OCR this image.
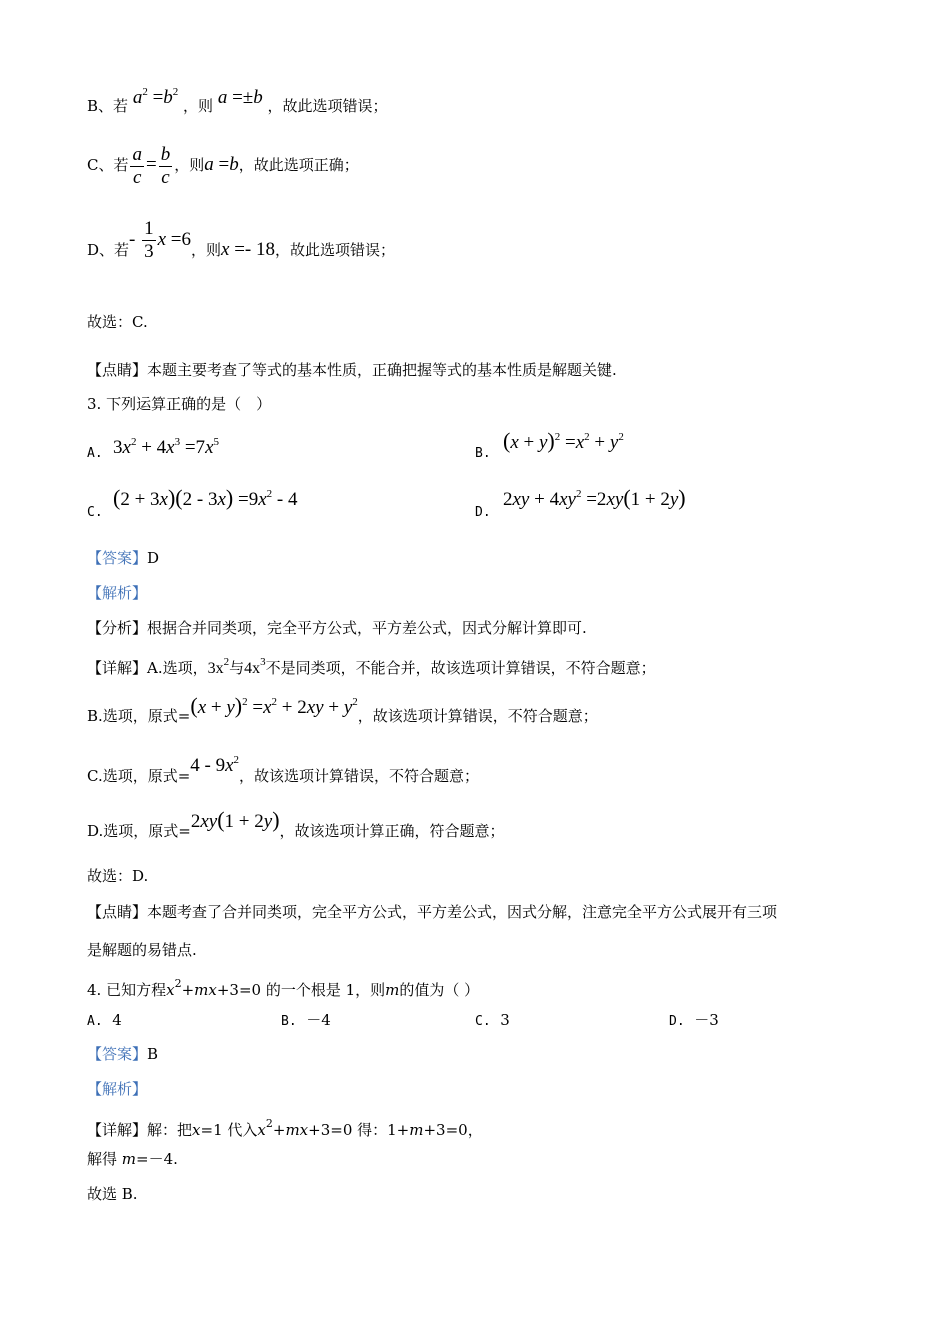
B、若 $a^2 =b^2$ ，则 a =±b ，故此选项错误；
C、若 $\frac{a}{c} = \frac{b}{c}$ ，则a =b，故此选项正确；
D、若- $\frac{1}{3}$ x =6，则x =- 18，故此选项错误；
故选：C.
【点睛】本题主要考查了等式的基本性质，正确把握等式的基本性质是解题关键.
3. 下列运算正确的是（　）
A. $3x^2 + 4x^3 =7x^5$
B.
$(x + y)^2 =x^2 + y^2$
C.
$(2 + 3x)(2 - 3x) =9x^2 - 4$
D.
$2xy + 4xy^2 =2xy(1 + 2y)$
【答案】D
【解析】
【分析】根据合并同类项，完全平方公式，平方差公式，因式分解计算即可.
【详解】A.选项，$3x^2$与$4x^3$不是同类项，不能合并，故该选项计算错误，不符合题意；
B.选项，原式$=(x + y)^2 =x^2 + 2xy + y^2$，故该选项计算错误，不符合题意；
C.选项，原式$=4 - 9x^2$，故该选项计算错误，不符合题意；
D.选项，原式=2xy(1 + 2y)，故该选项计算正确，符合题意；
故选：D.
【点睛】本题考查了合并同类项，完全平方公式，平方差公式，因式分解，注意完全平方公式展开有三项
是解题的易错点.
4. 已知方程$x^2+mx+3=0$ 的一个根是 1，则m的值为（ ）
A. 4	B. －4	C. 3	D. －3
【答案】B
【解析】
【详解】解：把x=1 代入$x^2+mx+3=0$ 得：1+m+3=0，
解得 m=－4.
故选 B.
